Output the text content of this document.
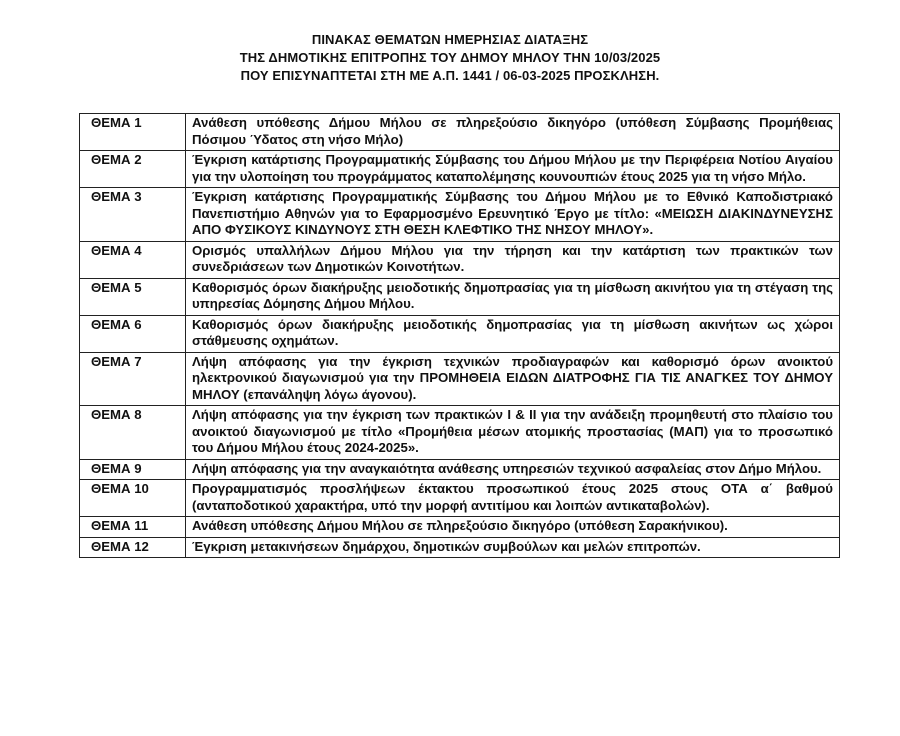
ΠΙΝΑΚΑΣ ΘΕΜΑΤΩΝ ΗΜΕΡΗΣΙΑΣ ΔΙΑΤΑΞΗΣ
ΤΗΣ ΔΗΜΟΤΙΚΗΣ ΕΠΙΤΡΟΠΗΣ ΤΟΥ ΔΗΜΟΥ ΜΗΛΟΥ ΤΗΝ 10/03/2025
ΠΟΥ ΕΠΙΣΥΝΑΠΤΕΤΑΙ ΣΤΗ ΜΕ Α.Π. 1441 / 06-03-2025 ΠΡΟΣΚΛΗΣΗ.
ΘΕΜΑ 1	Ανάθεση υπόθεσης Δήμου Μήλου σε πληρεξούσιο δικηγόρο (υπόθεση Σύμβασης Προμήθειας Πόσιμου Ύδατος στη νήσο Μήλο)
ΘΕΜΑ 2	Έγκριση κατάρτισης Προγραμματικής Σύμβασης του Δήμου Μήλου με την Περιφέρεια Νοτίου Αιγαίου για την υλοποίηση του προγράμματος καταπολέμησης κουνουπιών έτους 2025 για τη νήσο Μήλο.
ΘΕΜΑ 3	Έγκριση κατάρτισης Προγραμματικής Σύμβασης του Δήμου Μήλου με το Εθνικό Καποδιστριακό Πανεπιστήμιο Αθηνών για το Εφαρμοσμένο Ερευνητικό Έργο με τίτλο: «ΜΕΙΩΣΗ ΔΙΑΚΙΝΔΥΝΕΥΣΗΣ ΑΠΟ ΦΥΣΙΚΟΥΣ ΚΙΝΔΥΝΟΥΣ ΣΤΗ ΘΕΣΗ ΚΛΕΦΤΙΚΟ ΤΗΣ ΝΗΣΟΥ ΜΗΛΟΥ».
ΘΕΜΑ 4	Ορισμός υπαλλήλων Δήμου Μήλου για την τήρηση και την κατάρτιση των πρακτικών των συνεδριάσεων των Δημοτικών Κοινοτήτων.
ΘΕΜΑ 5	Καθορισμός όρων διακήρυξης μειοδοτικής δημοπρασίας για τη μίσθωση ακινήτου για τη στέγαση της υπηρεσίας Δόμησης Δήμου Μήλου.
ΘΕΜΑ 6	Καθορισμός όρων διακήρυξης μειοδοτικής δημοπρασίας για τη μίσθωση ακινήτων ως χώροι στάθμευσης οχημάτων.
ΘΕΜΑ 7	Λήψη απόφασης για την έγκριση τεχνικών προδιαγραφών και καθορισμό όρων ανοικτού ηλεκτρονικού διαγωνισμού για την ΠΡΟΜΗΘΕΙΑ ΕΙΔΩΝ ΔΙΑΤΡΟΦΗΣ ΓΙΑ ΤΙΣ ΑΝΑΓΚΕΣ ΤΟΥ ΔΗΜΟΥ ΜΗΛΟΥ (επανάληψη λόγω άγονου).
ΘΕΜΑ 8	Λήψη απόφασης για την έγκριση των πρακτικών I & II για την ανάδειξη προμηθευτή στο πλαίσιο του ανοικτού διαγωνισμού με τίτλο «Προμήθεια μέσων ατομικής προστασίας (ΜΑΠ) για το προσωπικό του Δήμου Μήλου έτους 2024-2025».
ΘΕΜΑ 9	Λήψη απόφασης για την αναγκαιότητα ανάθεσης υπηρεσιών τεχνικού ασφαλείας στον Δήμο Μήλου.
ΘΕΜΑ 10	Προγραμματισμός προσλήψεων έκτακτου προσωπικού έτους 2025 στους ΟΤΑ α΄ βαθμού (ανταποδοτικού χαρακτήρα, υπό την μορφή αντιτίμου και λοιπών αντικαταβολών).
ΘΕΜΑ 11	Ανάθεση υπόθεσης Δήμου Μήλου σε πληρεξούσιο δικηγόρο (υπόθεση Σαρακήνικου).
ΘΕΜΑ 12	Έγκριση μετακινήσεων δημάρχου, δημοτικών συμβούλων και μελών επιτροπών.
